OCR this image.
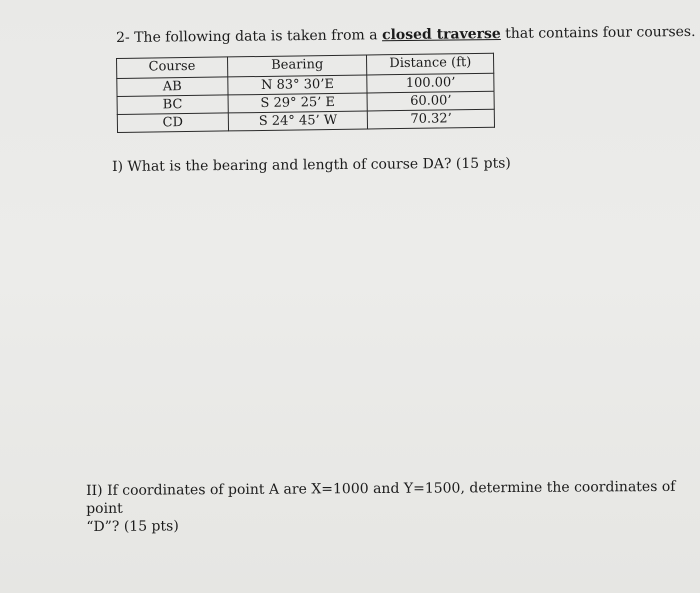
2- The following data is taken from a closed traverse that contains four courses.
Course	Bearing	Distance (ft)
AB	N 83° 30’E	100.00’
BC	S 29° 25’ E	60.00’
CD	S 24° 45’ W	70.32’
I) What is the bearing and length of course DA? (15 pts)
II) If coordinates of point A are X=1000 and Y=1500, determine the coordinates of point
“D”? (15 pts)
